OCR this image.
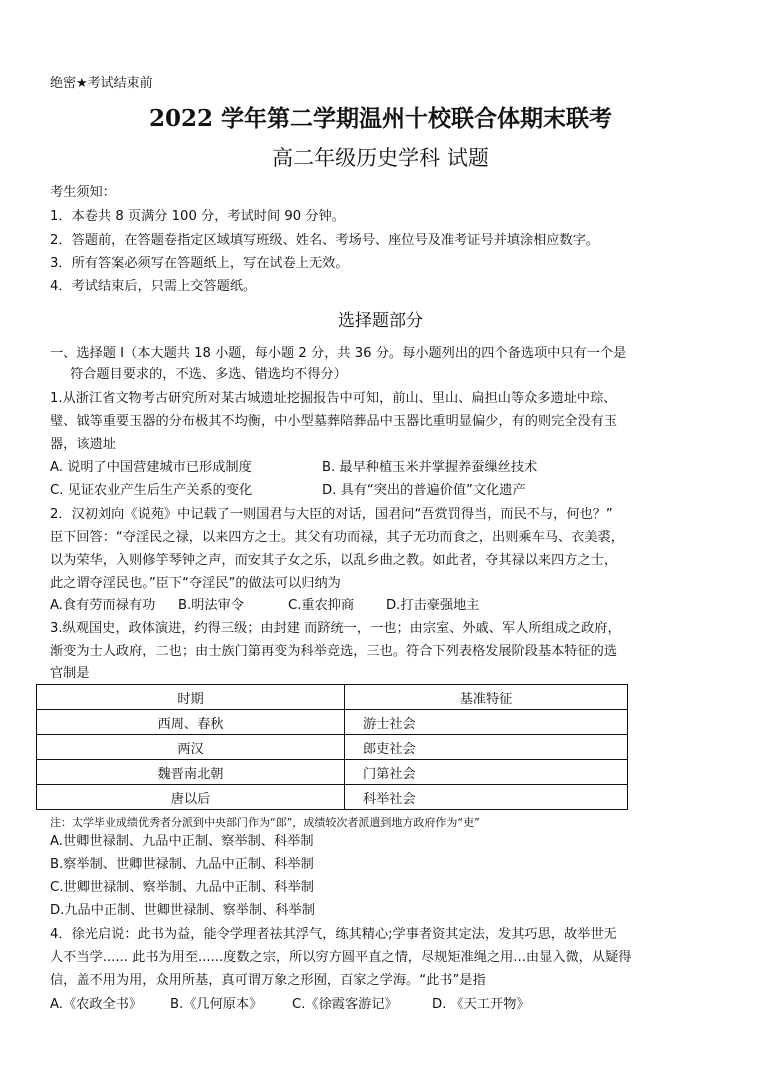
绝密★考试结束前
2022 学年第二学期温州十校联合体期末联考
高二年级历史学科 试题
考生须知：
1．本卷共 8 页满分 100 分，考试时间 90 分钟。
2．答题前，在答题卷指定区域填写班级、姓名、考场号、座位号及准考证号并填涂相应数字。
3．所有答案必须写在答题纸上，写在试卷上无效。
4．考试结束后，只需上交答题纸。
选择题部分
一、选择题 I（本大题共 18 小题，每小题 2 分，共 36 分。每小题列出的四个备选项中只有一个是
符合题目要求的，不选、多选、错选均不得分）
1.从浙江省文物考古研究所对某古城遗址挖掘报告中可知，前山、里山、扁担山等众多遗址中琮、
璧、钺等重要玉器的分布极其不均衡，中小型墓葬陪葬品中玉器比重明显偏少，有的则完全没有玉
器，该遗址
A. 说明了中国营建城市已形成制度	B. 最早种植玉米并掌握养蚕缫丝技术
C. 见证农业产生后生产关系的变化	D. 具有“突出的普遍价值”文化遗产
2．汉初刘向《说苑》中记载了一则国君与大臣的对话，国君问“吾赏罚得当，而民不与，何也？”
臣下回答：“夺淫民之禄，以来四方之士。其父有功而禄，其子无功而食之，出则乘车马、衣美裘，
以为荣华，入则修竽琴钟之声，而安其子女之乐，以乱乡曲之教。如此者，夺其禄以来四方之士，
此之谓夺淫民也。”臣下“夺淫民”的做法可以归纳为
A.食有劳而禄有功 B.明法审令	C.重农抑商 D.打击豪强地主
3.纵观国史，政体演进，约得三级；由封建 而跻统一，一也；由宗室、外戚、军人所组成之政府，
渐变为士人政府，二也；由士族门第再变为科举竞选，三也。符合下列表格发展阶段基本特征的选
官制是
时期	基准特征
西周、春秋	游士社会
两汉	郎吏社会
魏晋南北朝	门第社会
唐以后	科举社会
注：太学毕业成绩优秀者分派到中央部门作为“郎”，成绩较次者派遣到地方政府作为“吏”
A.世卿世禄制、九品中正制、察举制、科举制
B.察举制、世卿世禄制、九品中正制、科举制
C.世卿世禄制、察举制、九品中正制、科举制
D.九品中正制、世卿世禄制、察举制、科举制
4．徐光启说：此书为益，能令学理者祛其浮气，练其精心;学事者资其定法，发其巧思，故举世无
人不当学...... 此书为用至......度数之宗，所以穷方圆平直之情，尽规矩准绳之用...由显入微，从疑得
信，盖不用为用，众用所基，真可谓万象之形囿，百家之学海。“此书”是指
A.《农政全书》 B.《几何原本》 C.《徐霞客游记》	D. 《天工开物》
